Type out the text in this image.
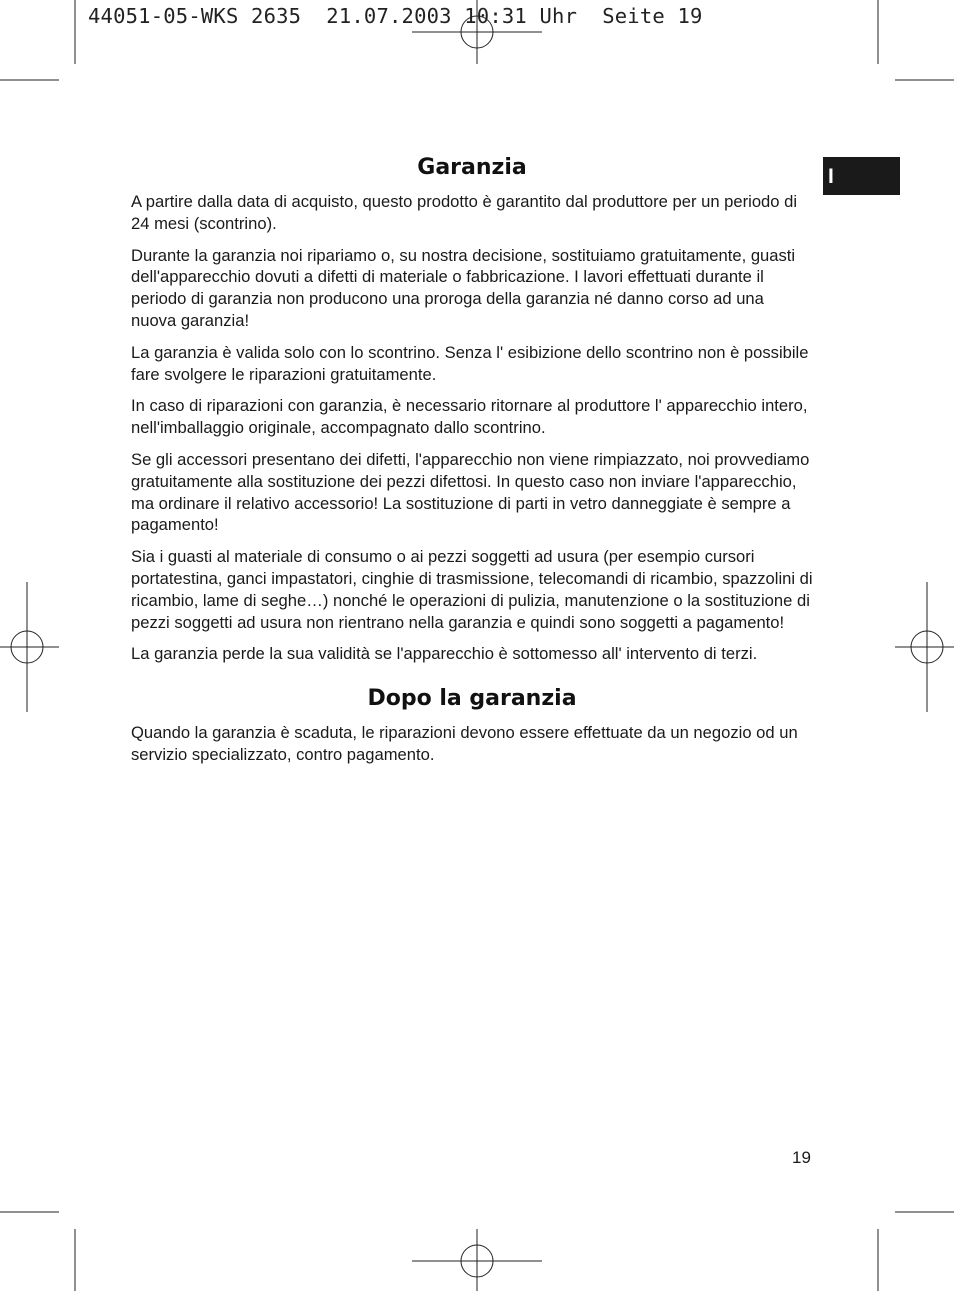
44051-05-WKS 2635  21.07.2003 10:31 Uhr  Seite 19
I
Garanzia

A partire dalla data di acquisto, questo prodotto è garantito dal produttore per un periodo di 24 mesi (scontrino).

Durante la garanzia noi ripariamo o, su nostra decisione, sostituiamo gratuitamente, guasti dell'apparecchio dovuti a difetti di materiale o fabbricazione. I lavori effettuati durante il periodo di garanzia non producono una proroga della garanzia né danno corso ad una nuova garanzia!

La garanzia è valida solo con lo scontrino. Senza l' esibizione dello scontrino non è possibile fare svolgere le riparazioni gratuitamente.

In caso di riparazioni con garanzia, è necessario ritornare al produttore l' apparecchio intero, nell'imballaggio originale, accompagnato dallo scontrino.

Se gli accessori presentano dei difetti, l'apparecchio non viene rimpiazzato, noi provvediamo gratuitamente alla sostituzione dei pezzi difettosi. In questo caso non inviare l'apparecchio, ma ordinare il relativo accessorio! La sostituzione di parti in vetro danneggiate è sempre a pagamento!

Sia i guasti al materiale di consumo o ai pezzi soggetti ad usura (per esempio cursori portatestina, ganci impastatori, cinghie di trasmissione, telecomandi di ricambio, spazzolini di ricambio, lame di seghe…) nonché le operazioni di pulizia, manutenzione o la sostituzione di pezzi soggetti ad usura non rientrano nella garanzia e quindi sono soggetti a pagamento!

La garanzia perde la sua validità se l'apparecchio è sottomesso all' intervento di terzi.

Dopo la garanzia

Quando la garanzia è scaduta, le riparazioni devono essere effettuate da un negozio od un servizio specializzato, contro pagamento.

19
